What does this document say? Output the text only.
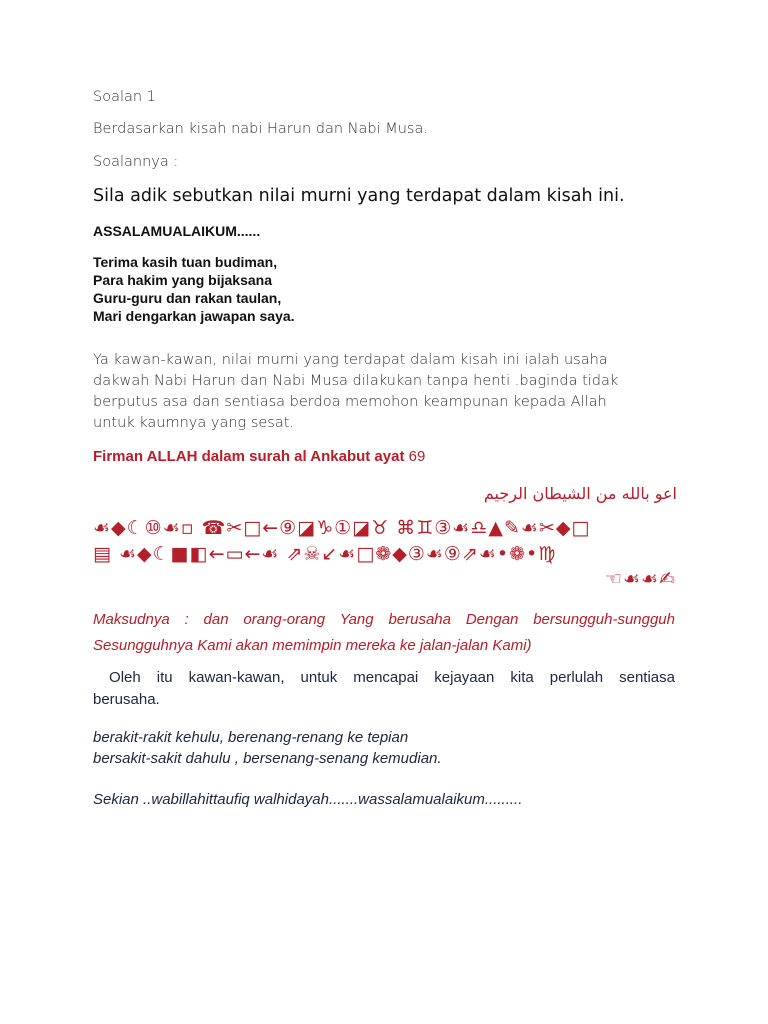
Soalan 1
Berdasarkan kisah nabi Harun dan Nabi Musa.
Soalannya :
Sila adik sebutkan nilai murni yang terdapat dalam kisah ini.
ASSALAMUALAIKUM......
Terima kasih tuan budiman,
Para hakim yang bijaksana
Guru-guru dan rakan taulan,
Mari dengarkan jawapan saya.
Ya kawan-kawan, nilai murni yang terdapat dalam kisah ini ialah usaha
dakwah Nabi Harun dan Nabi Musa dilakukan tanpa henti .baginda tidak
berputus asa dan sentiasa berdoa memohon keampunan kepada Allah
untuk kaumnya yang sesat.
Firman ALLAH dalam surah al Ankabut ayat 69
اعو بالله من الشيطان الرجيم
☙◆☾⑩☙▫ ☎✂□←⑨◪♑①◪♉ ⌘♊③☙♎▲✎☙✂◆□
▤ ☙◆☾■◧←▭←☙ ⇗☠↙☙□❁◆③☙⑨⇗☙•❁•♍
☜☙☙✍
Maksudnya : dan orang-orang Yang berusaha Dengan bersungguh-sungguh
Sesungguhnya Kami akan memimpin mereka ke jalan-jalan Kami)
Oleh itu kawan-kawan, untuk mencapai kejayaan kita perlulah sentiasa
berusaha.
berakit-rakit kehulu, berenang-renang ke tepian
bersakit-sakit dahulu , bersenang-senang kemudian.
Sekian ..wabillahittaufiq walhidayah.......wassalamualaikum.........
